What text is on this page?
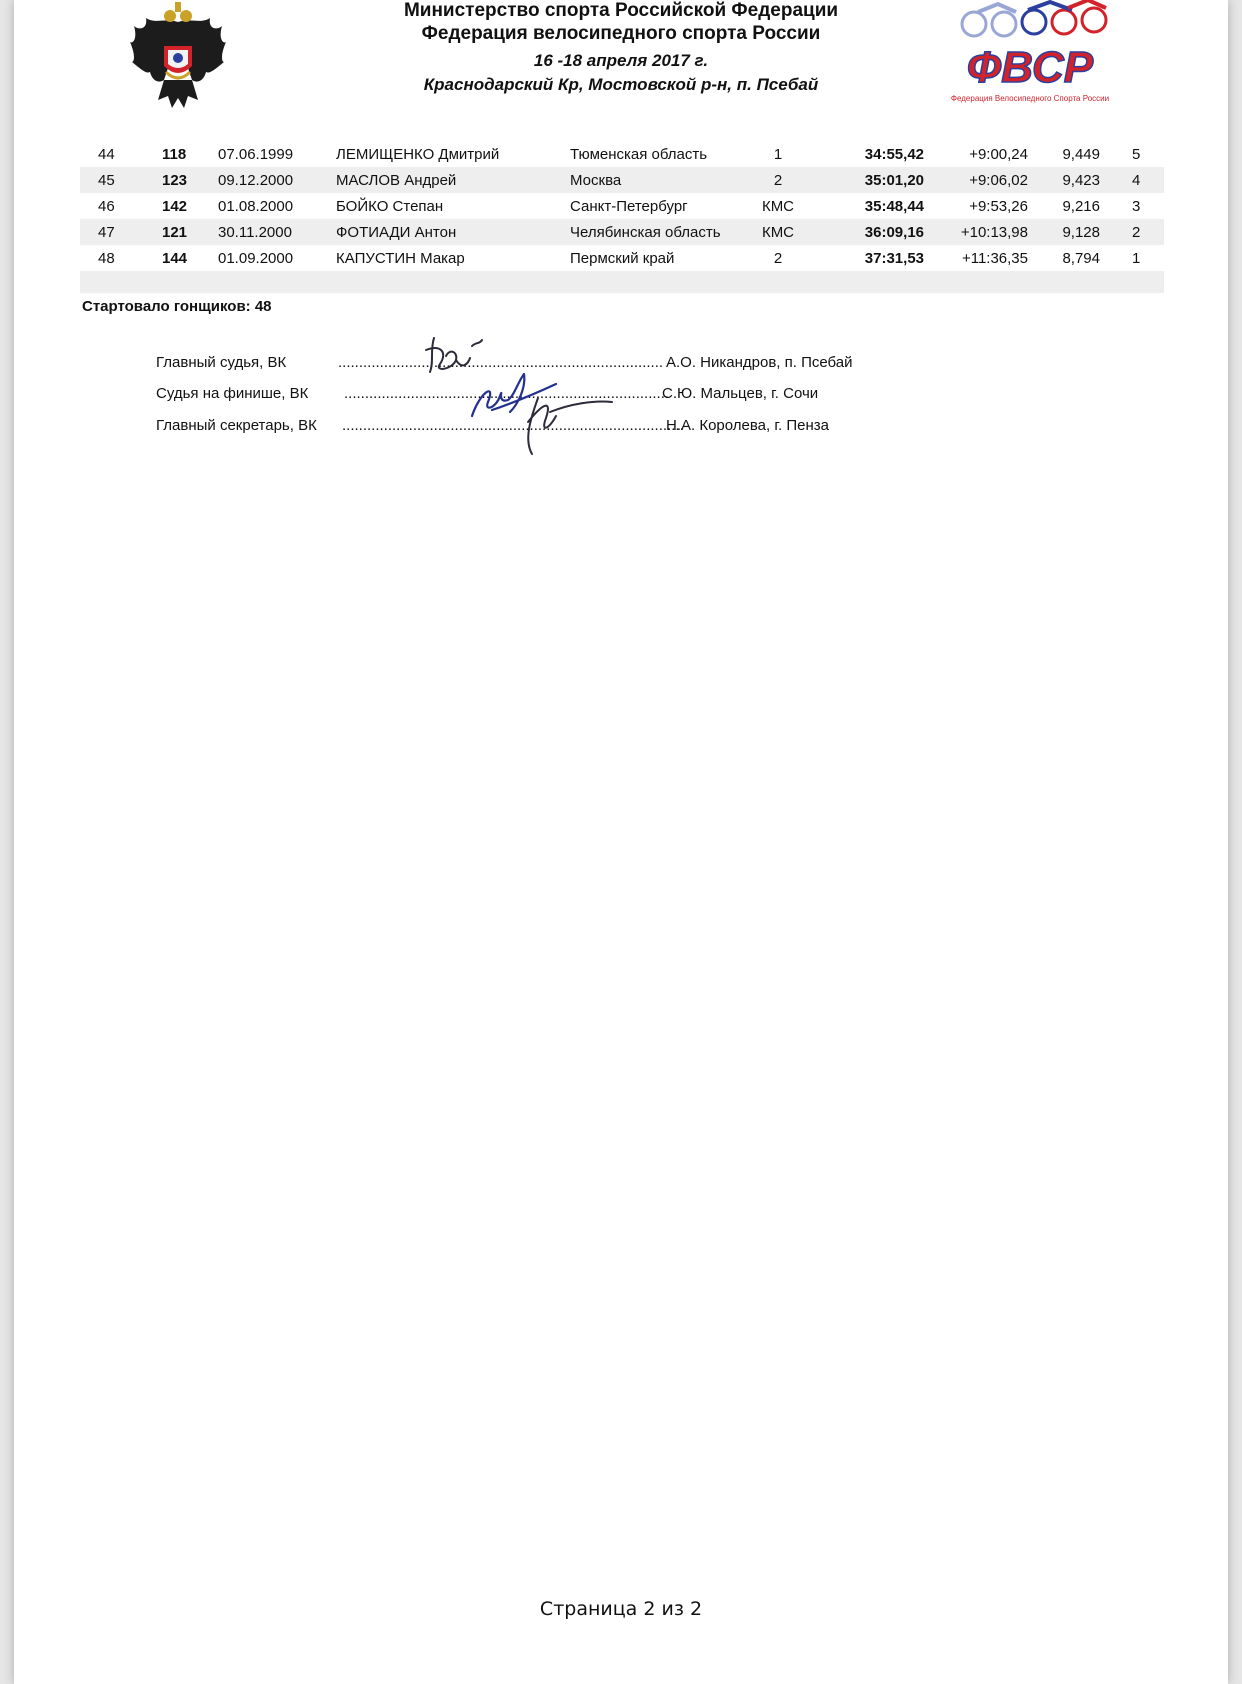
Министерство спорта Российской Федерации
Федерация велосипедного спорта России
16 -18 апреля 2017 г.
Краснодарский Кр, Мостовской р-н, п. Псебай	ФВСР
Федерация Велосипедного Спорта России
44	118 07.06.1999	ЛЕМИЩЕНКО Дмитрий	Тюменская область	1	34:55,42	+9:00,24	9,449 5
45	123 09.12.2000	МАСЛОВ Андрей	Москва	2	35:01,20	+9:06,02	9,423 4
46	142 01.08.2000	БОЙКО Степан	Санкт-Петербург	КМС	35:48,44	+9:53,26	9,216 3
47	121 30.11.2000	ФОТИАДИ Антон	Челябинская область	КМС	36:09,16	+10:13,98	9,128 2
48	144 01.09.2000	КАПУСТИН Макар	Пермский край	2	37:31,53	+11:36,35	8,794 1
Стартовало гонщиков: 48
Главный судья, ВК	.............................................................................. А.О. Никандров, п. Псебай
Судья на финише, ВК ..............................................................................
С.Ю. Мальцев, г. Сочи
Главный секретарь, ВК ..................................................................................
Н.А. Королева, г. Пенза
Страница 2 из 2
